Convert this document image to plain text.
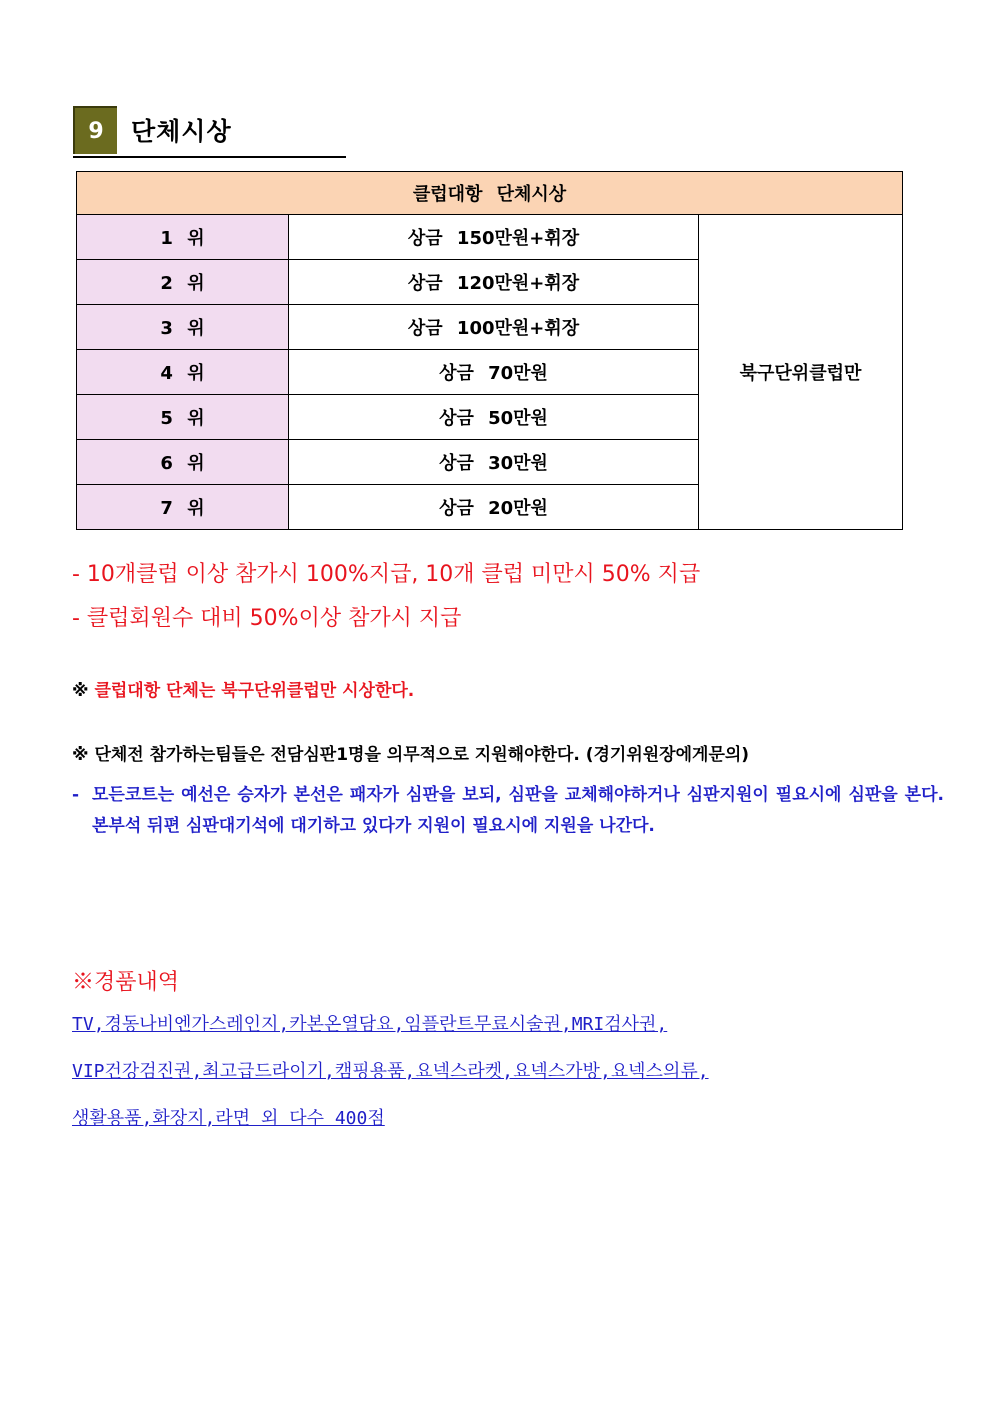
9	단체시상
클럽대항 단체시상		
1 위	상금 150만원+휘장	북구단위클럽만
2 위	상금 120만원+휘장	
3 위	상금 100만원+휘장	
4 위	상금 70만원	
5 위	상금 50만원	
6 위	상금 30만원	
7 위	상금 20만원	
- 10개클럽 이상 참가시 100%지급, 10개 클럽 미만시 50% 지급
- 클럽회원수 대비 50%이상 참가시 지급
※ 클럽대항 단체는 북구단위클럽만 시상한다.
※ 단체전 참가하는팀들은 전담심판1명을 의무적으로 지원해야한다. (경기위원장에게문의)
- 모든코트는 예선은 승자가 본선은 패자가 심판을 보되, 심판을 교체해야하거나 심판지원이 필요시에 심판을 본다. 본부석 뒤편 심판대기석에 대기하고 있다가 지원이 필요시에 지원을 나간다.
※경품내역
TV,경동나비엔가스레인지,카본온열담요,임플란트무료시술권,MRI검사권,
VIP건강검진권,최고급드라이기,캠핑용품,요넥스라켓,요넥스가방,요넥스의류,
생활용품,화장지,라면 외 다수 400점
